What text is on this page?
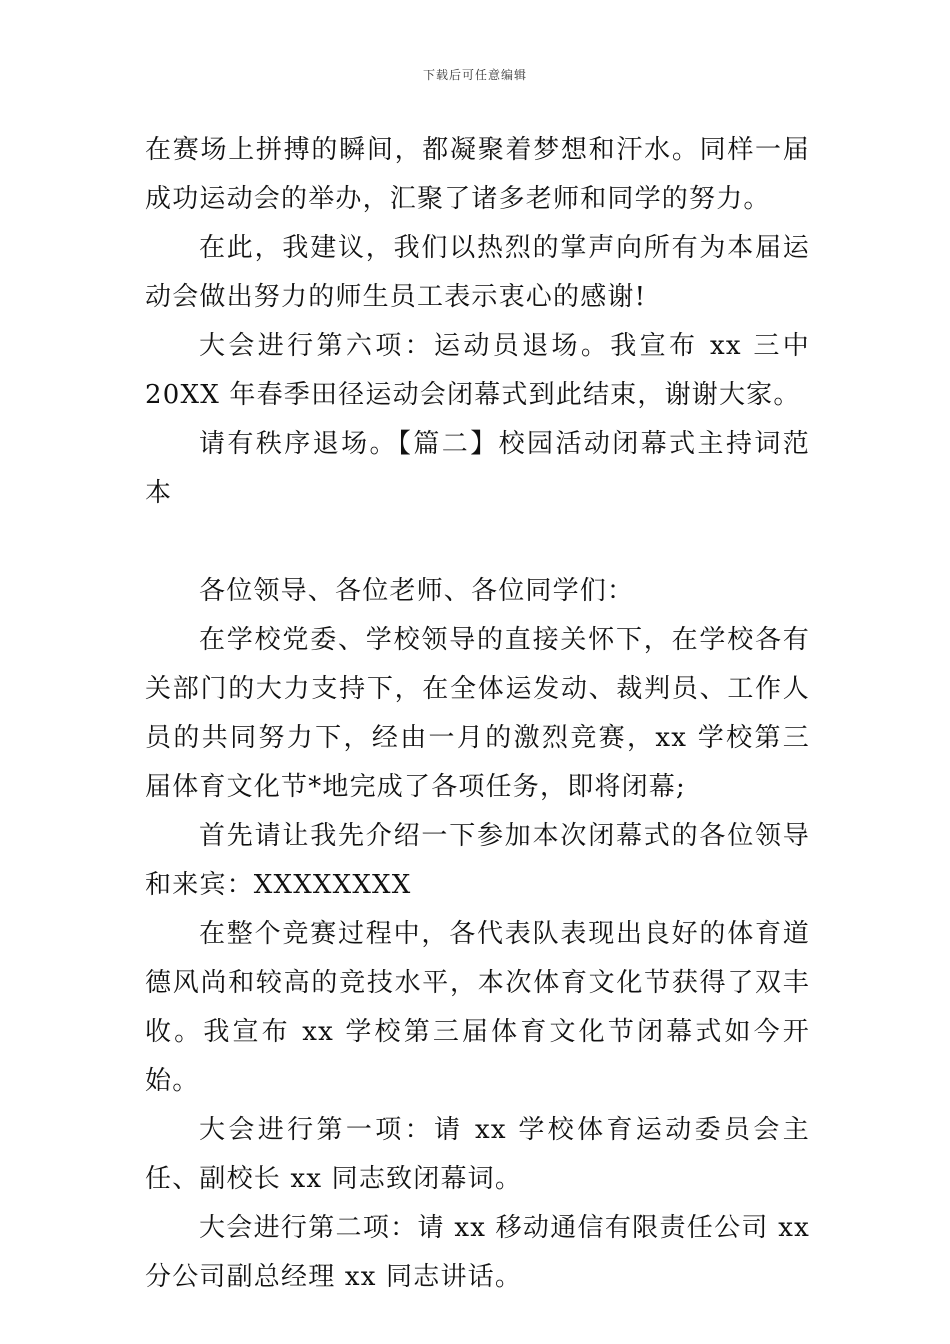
下载后可任意编辑

在赛场上拼搏的瞬间，都凝聚着梦想和汗水。同样一届成功运动会的举办，汇聚了诸多老师和同学的努力。

在此，我建议，我们以热烈的掌声向所有为本届运动会做出努力的师生员工表示衷心的感谢!

大会进行第六项：运动员退场。我宣布 xx 三中 20XX 年春季田径运动会闭幕式到此结束，谢谢大家。

请有秩序退场。【篇二】校园活动闭幕式主持词范本

各位领导、各位老师、各位同学们：

在学校党委、学校领导的直接关怀下，在学校各有关部门的大力支持下，在全体运发动、裁判员、工作人员的共同努力下，经由一月的激烈竞赛，xx 学校第三届体育文化节*地完成了各项任务，即将闭幕;

首先请让我先介绍一下参加本次闭幕式的各位领导和来宾：XXXXXXXX

在整个竞赛过程中，各代表队表现出良好的体育道德风尚和较高的竞技水平，本次体育文化节获得了双丰收。我宣布 xx 学校第三届体育文化节闭幕式如今开始。

大会进行第一项：请 xx 学校体育运动委员会主任、副校长 xx 同志致闭幕词。

大会进行第二项：请 xx 移动通信有限责任公司 xx 分公司副总经理 xx 同志讲话。
